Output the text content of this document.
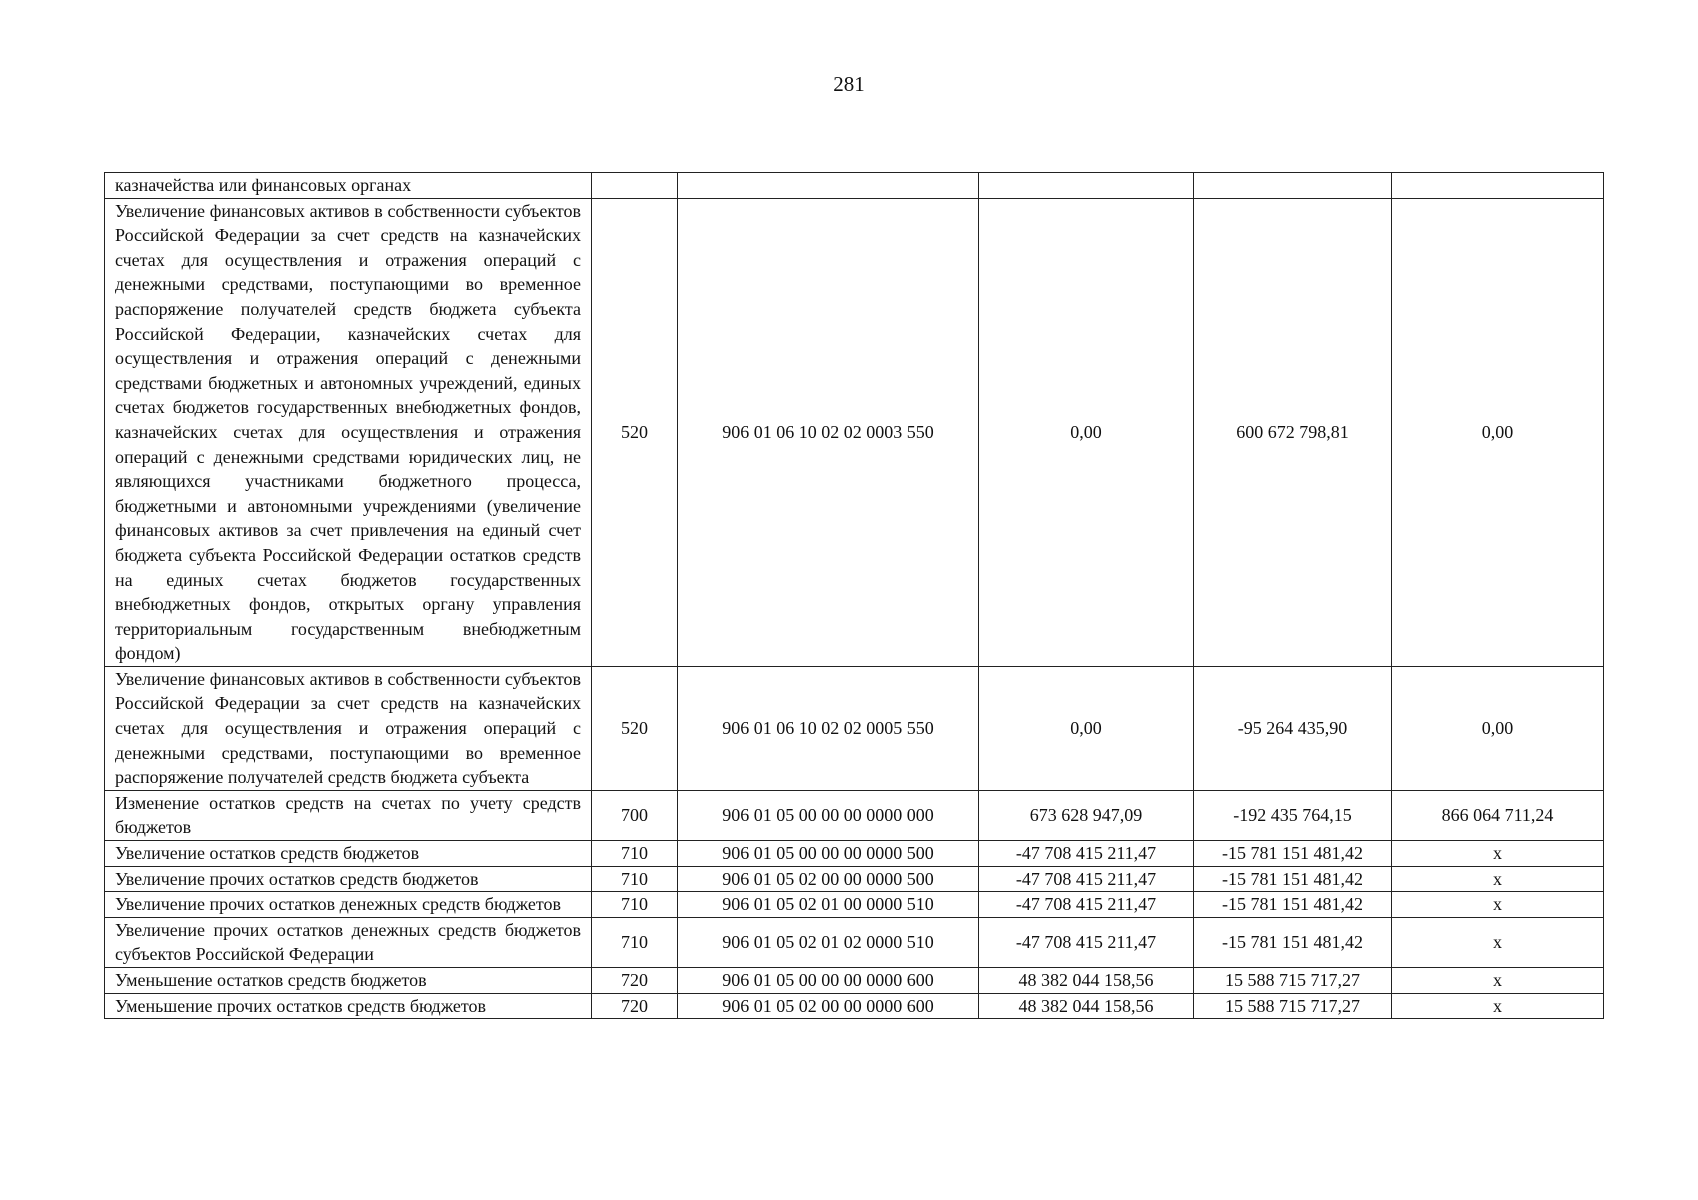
281
казначейства или финансовых органах					
Увеличение финансовых активов в собственности субъектов Российской Федерации за счет средств на казначейских счетах для осуществления и отражения операций с денежными средствами, поступающими во временное распоряжение получателей средств бюджета субъекта Российской Федерации, казначейских счетах для осуществления и отражения операций с денежными средствами бюджетных и автономных учреждений, единых счетах бюджетов государственных внебюджетных фондов, казначейских счетах для осуществления и отражения операций с денежными средствами юридических лиц, не являющихся участниками бюджетного процесса, бюджетными и автономными учреждениями (увеличение финансовых активов за счет привлечения на единый счет бюджета субъекта Российской Федерации остатков средств на единых счетах бюджетов государственных внебюджетных фондов, открытых органу управления территориальным государственным внебюджетным фондом)	520	906 01 06 10 02 02 0003 550	0,00	600 672 798,81	0,00
Увеличение финансовых активов в собственности субъектов Российской Федерации за счет средств на казначейских счетах для осуществления и отражения операций с денежными средствами, поступающими во временное распоряжение получателей средств бюджета субъекта	520	906 01 06 10 02 02 0005 550	0,00	-95 264 435,90	0,00
Изменение остатков средств на счетах по учету средств бюджетов	700	906 01 05 00 00 00 0000 000	673 628 947,09	-192 435 764,15	866 064 711,24
Увеличение остатков средств бюджетов	710	906 01 05 00 00 00 0000 500	-47 708 415 211,47	-15 781 151 481,42	x
Увеличение прочих остатков средств бюджетов	710	906 01 05 02 00 00 0000 500	-47 708 415 211,47	-15 781 151 481,42	x
Увеличение прочих остатков денежных средств бюджетов	710	906 01 05 02 01 00 0000 510	-47 708 415 211,47	-15 781 151 481,42	x
Увеличение прочих остатков денежных средств бюджетов субъектов Российской Федерации	710	906 01 05 02 01 02 0000 510	-47 708 415 211,47	-15 781 151 481,42	x
Уменьшение остатков средств бюджетов	720	906 01 05 00 00 00 0000 600	48 382 044 158,56	15 588 715 717,27	x
Уменьшение прочих остатков средств бюджетов	720	906 01 05 02 00 00 0000 600	48 382 044 158,56	15 588 715 717,27	x
